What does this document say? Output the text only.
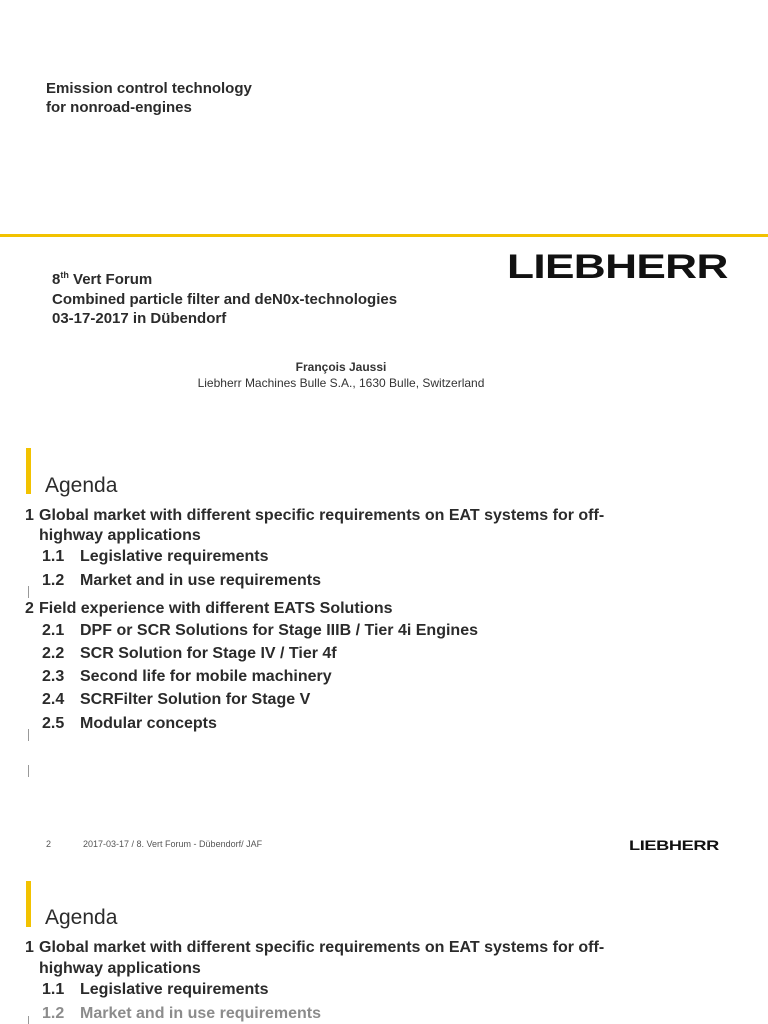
Emission control technology
for nonroad-engines
8th Vert Forum
Combined particle filter and deN0x-technologies
03-17-2017 in Dübendorf
LIEBHERR
François Jaussi
Liebherr Machines Bulle S.A., 1630 Bulle, Switzerland
Agenda
1 Global market with different specific requirements on EAT systems for off-
highway applications
1.1 Legislative requirements
1.2 Market and in use requirements
2 Field experience with different EATS Solutions
2.1 DPF or SCR Solutions for Stage IIIB / Tier 4i Engines
2.2 SCR Solution for Stage IV / Tier 4f
2.3 Second life for mobile machinery
2.4 SCRFilter Solution for Stage V
2.5 Modular concepts
2	2017-03-17 / 8. Vert Forum - Dübendorf/ JAF	LIEBHERR
Agenda
1 Global market with different specific requirements on EAT systems for off-
highway applications
1.1 Legislative requirements
1.2 Market and in use requirements
